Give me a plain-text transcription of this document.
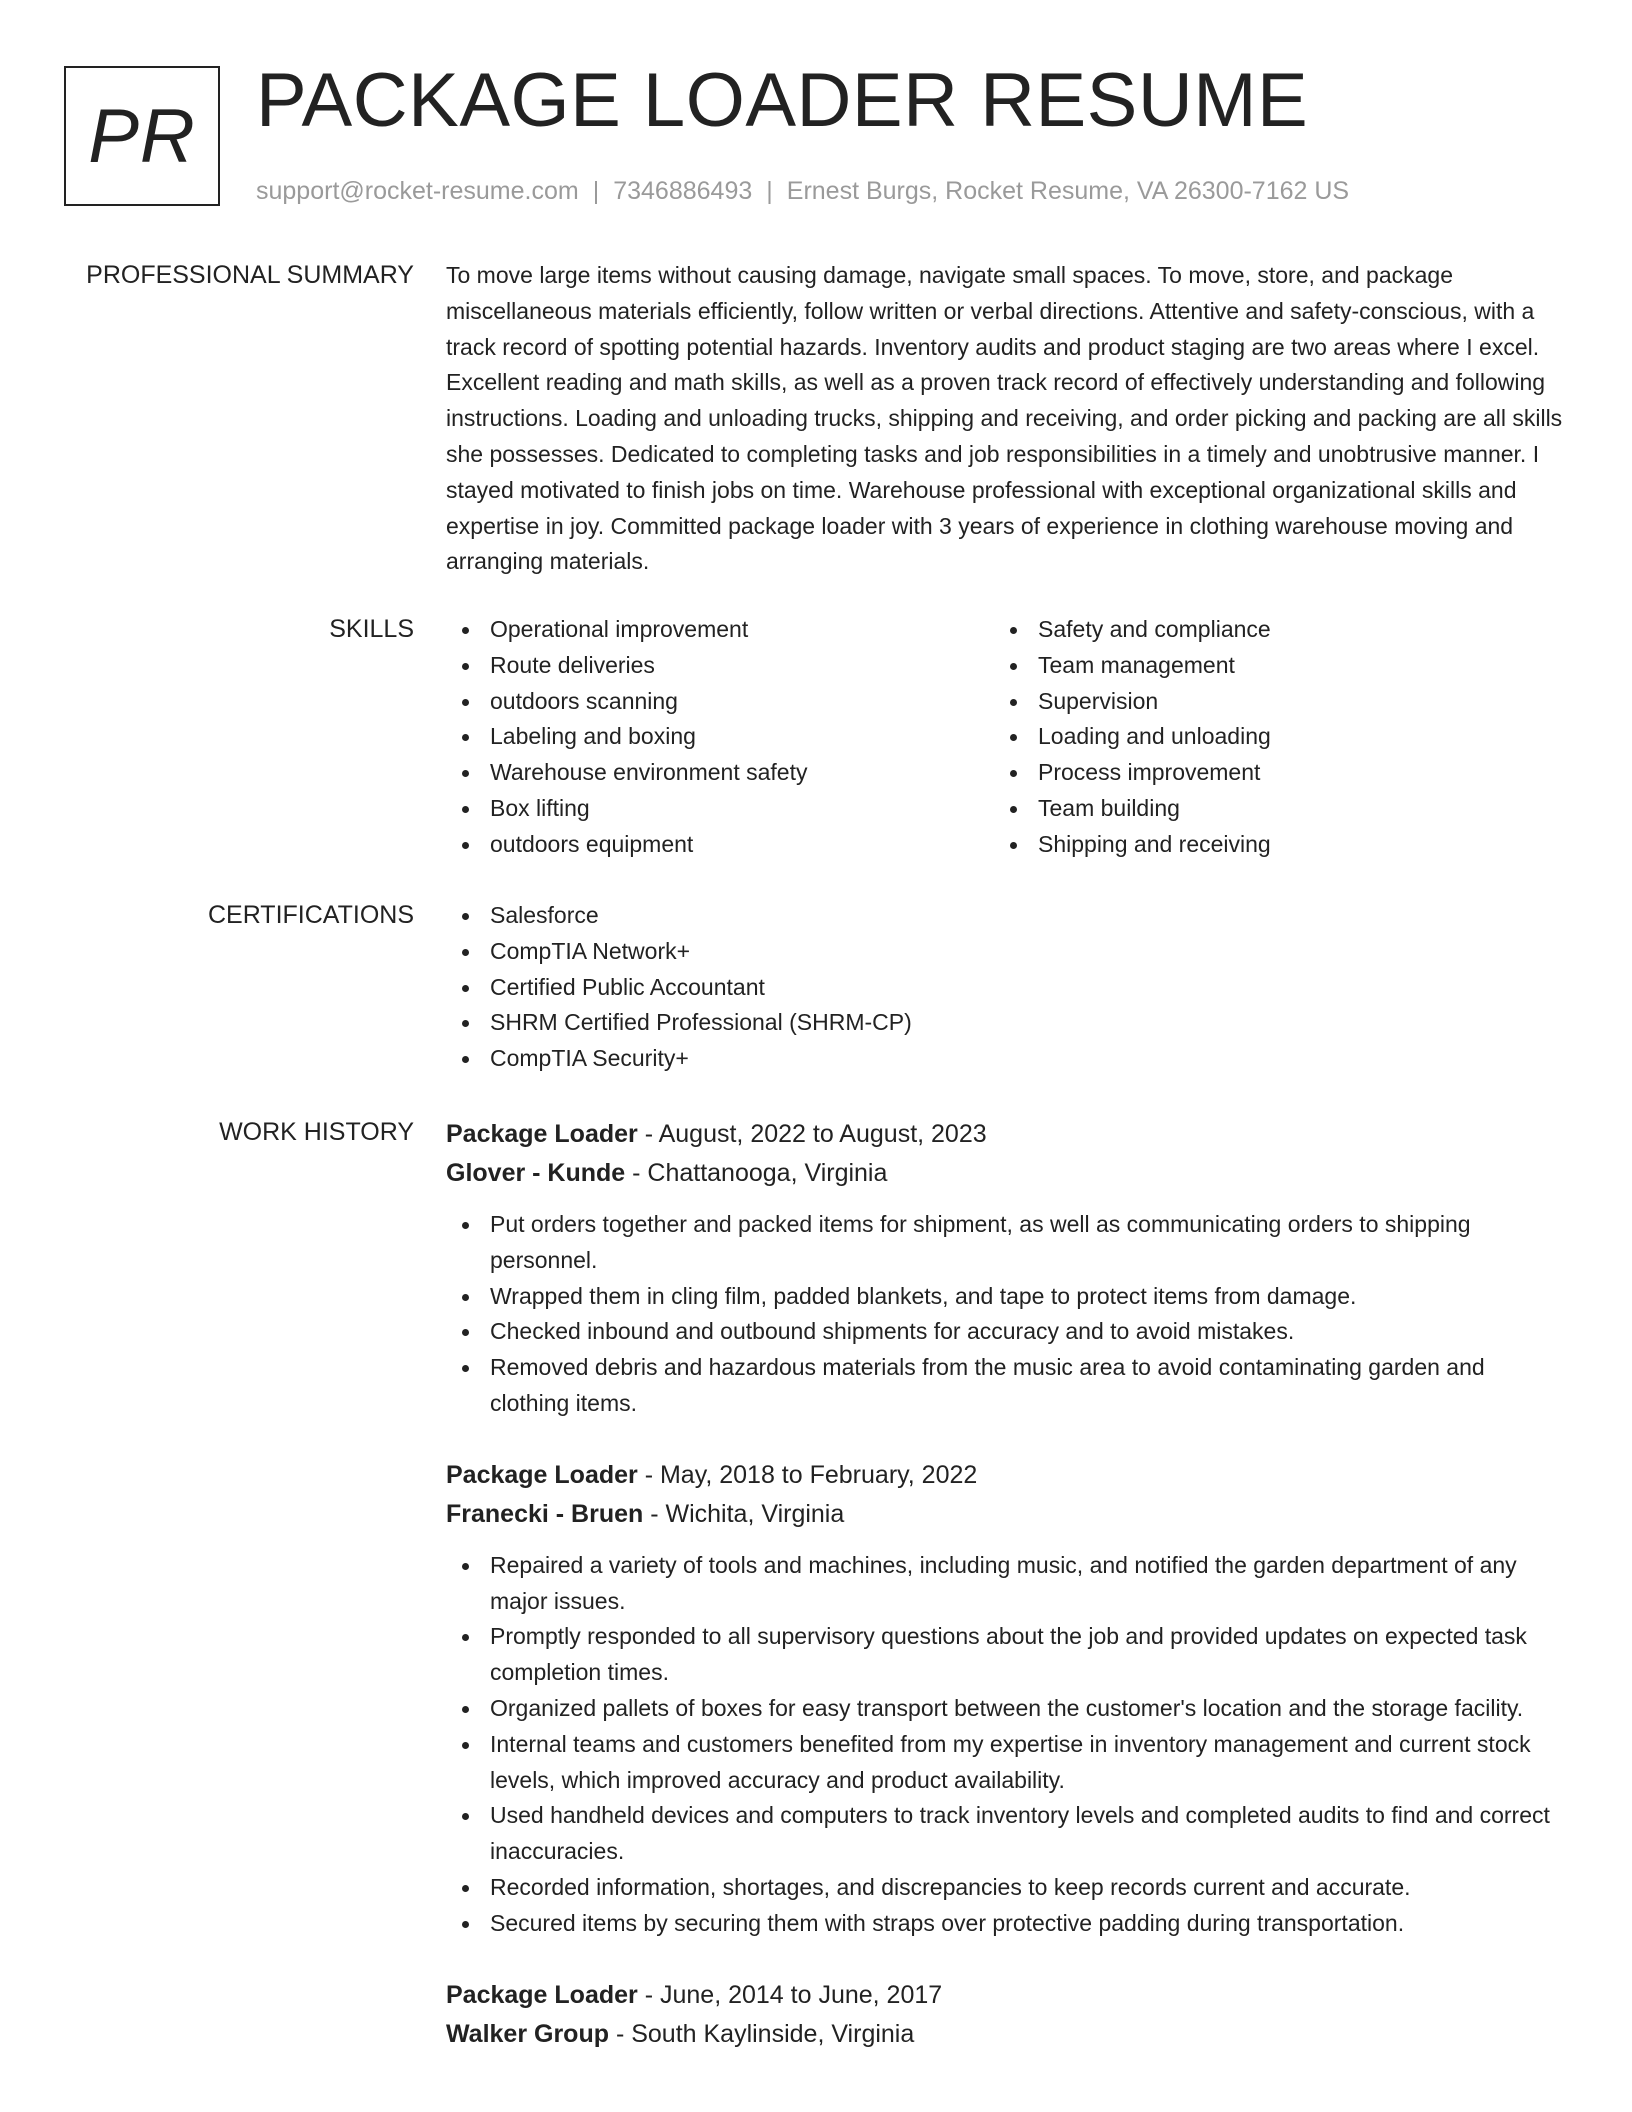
PR PACKAGE LOADER RESUME
support@rocket-resume.com | 7346886493 | Ernest Burgs, Rocket Resume, VA 26300-7162 US
PROFESSIONAL SUMMARY To move large items without causing damage, navigate small spaces. To move, store, and package miscellaneous materials efficiently, follow written or verbal directions. Attentive and safety-conscious, with a track record of spotting potential hazards. Inventory audits and product staging are two areas where I excel. Excellent reading and math skills, as well as a proven track record of effectively understanding and following instructions. Loading and unloading trucks, shipping and receiving, and order picking and packing are all skills she possesses. Dedicated to completing tasks and job responsibilities in a timely and unobtrusive manner. I stayed motivated to finish jobs on time. Warehouse professional with exceptional organizational skills and expertise in joy. Committed package loader with 3 years of experience in clothing warehouse moving and arranging materials.

SKILLS	Operational improvement
Route deliveries
outdoors scanning
Labeling and boxing
Warehouse environment safety
Box lifting
outdoors equipment
Safety and compliance
Team management
Supervision
Loading and unloading
Process improvement
Team building
Shipping and receiving
CERTIFICATIONS	Salesforce
CompTIA Network+
Certified Public Accountant
SHRM Certified Professional (SHRM-CP)
CompTIA Security+
WORK HISTORY Package Loader - August, 2022 to August, 2023
Glover - Kunde - Chattanooga, Virginia
Put orders together and packed items for shipment, as well as communicating orders to shipping personnel.
Wrapped them in cling film, padded blankets, and tape to protect items from damage.
Checked inbound and outbound shipments for accuracy and to avoid mistakes.
Removed debris and hazardous materials from the music area to avoid contaminating garden and clothing items.
Package Loader - May, 2018 to February, 2022
Franecki - Bruen - Wichita, Virginia
Repaired a variety of tools and machines, including music, and notified the garden department of any major issues.
Promptly responded to all supervisory questions about the job and provided updates on expected task completion times.
Organized pallets of boxes for easy transport between the customer's location and the storage facility.
Internal teams and customers benefited from my expertise in inventory management and current stock levels, which improved accuracy and product availability.
Used handheld devices and computers to track inventory levels and completed audits to find and correct inaccuracies.
Recorded information, shortages, and discrepancies to keep records current and accurate.
Secured items by securing them with straps over protective padding during transportation.
Package Loader - June, 2014 to June, 2017
Walker Group - South Kaylinside, Virginia
